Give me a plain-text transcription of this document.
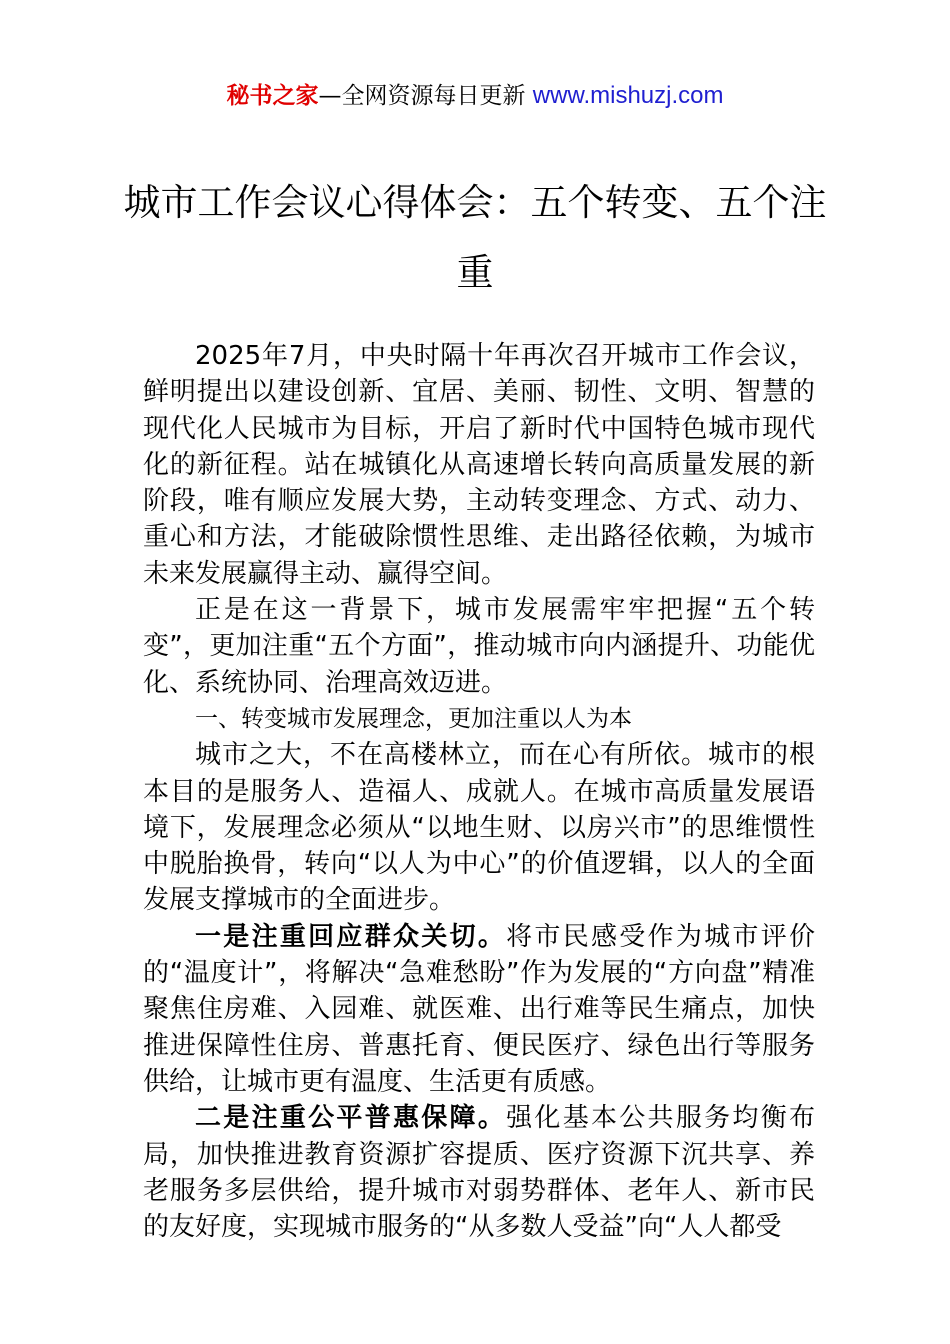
秘书之家—全网资源每日更新 www.mishuzj.com
城市工作会议心得体会：五个转变、五个注重

2025年7月，中央时隔十年再次召开城市工作会议，鲜明提出以建设创新、宜居、美丽、韧性、文明、智慧的现代化人民城市为目标，开启了新时代中国特色城市现代化的新征程。站在城镇化从高速增长转向高质量发展的新阶段，唯有顺应发展大势，主动转变理念、方式、动力、重心和方法，才能破除惯性思维、走出路径依赖，为城市未来发展赢得主动、赢得空间。

正是在这一背景下，城市发展需牢牢把握“五个转变”，更加注重“五个方面”，推动城市向内涵提升、功能优化、系统协同、治理高效迈进。

一、转变城市发展理念，更加注重以人为本

城市之大，不在高楼林立，而在心有所依。城市的根本目的是服务人、造福人、成就人。在城市高质量发展语境下，发展理念必须从“以地生财、以房兴市”的思维惯性中脱胎换骨，转向“以人为中心”的价值逻辑，以人的全面发展支撑城市的全面进步。

一是注重回应群众关切。将市民感受作为城市评价的“温度计”，将解决“急难愁盼”作为发展的“方向盘”精准聚焦住房难、入园难、就医难、出行难等民生痛点，加快推进保障性住房、普惠托育、便民医疗、绿色出行等服务供给，让城市更有温度、生活更有质感。

二是注重公平普惠保障。强化基本公共服务均衡布局，加快推进教育资源扩容提质、医疗资源下沉共享、养老服务多层供给，提升城市对弱势群体、老年人、新市民的友好度，实现城市服务的“从多数人受益”向“人人都受
